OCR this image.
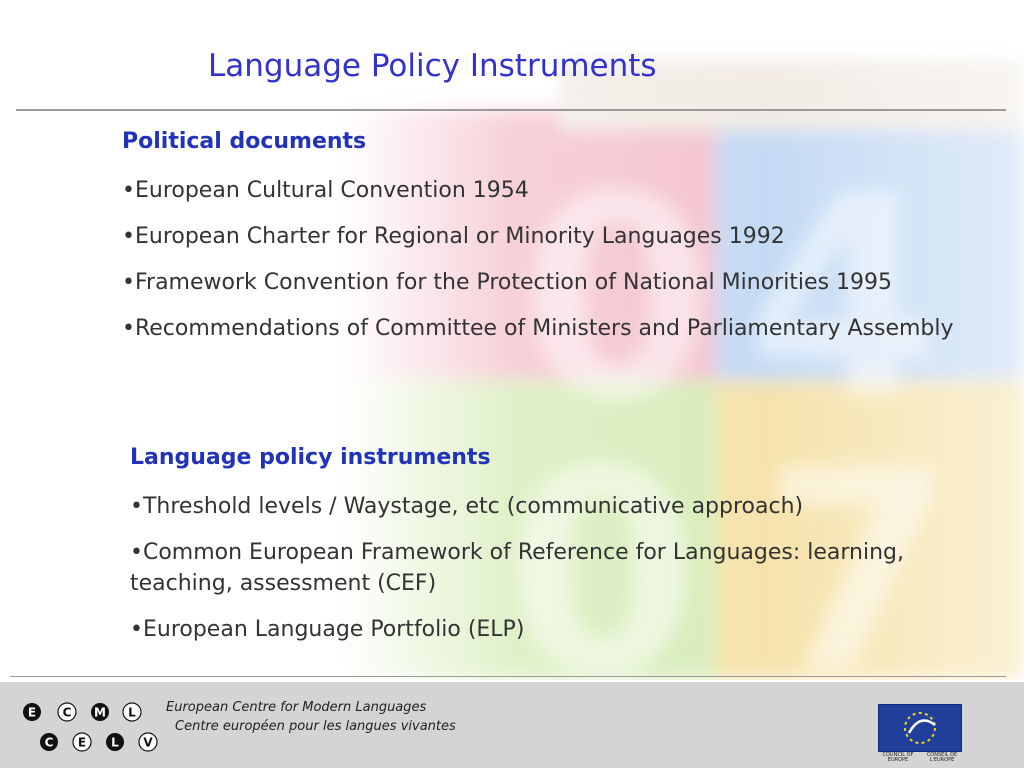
Language Policy Instruments
Political documents
•European Cultural Convention 1954
•European Charter for Regional or Minority Languages 1992
•Framework Convention for the Protection of National Minorities 1995
•Recommendations of Committee of Ministers and Parliamentary Assembly
Language policy instruments
•Threshold levels / Waystage, etc (communicative approach)
•Common European Framework of Reference for Languages: learning, teaching, assessment (CEF)
•European Language Portfolio (ELP)
E C M L
C E L V
European Centre for Modern Languages
Centre européen pour les langues vivantes
COUNCIL OF EUROPE
CONSEIL DE L'EUROPE
